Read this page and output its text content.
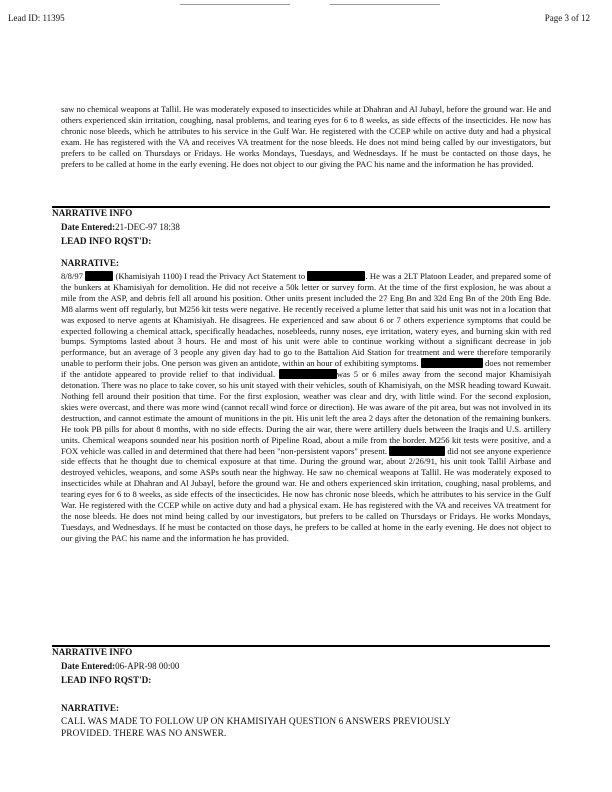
Lead ID: 11395	Page 3 of 12

saw no chemical weapons at Tallil. He was moderately exposed to insecticides while at Dhahran and Al Jubayl, before the ground war. He and others experienced skin irritation, coughing, nasal problems, and tearing eyes for 6 to 8 weeks, as side effects of the insecticides. He now has chronic nose bleeds, which he attributes to his service in the Gulf War. He registered with the CCEP while on active duty and had a physical exam. He has registered with the VA and receives VA treatment for the nose bleeds. He does not mind being called by our investigators, but prefers to be called on Thursdays or Fridays. He works Mondays, Tuesdays, and Wednesdays. If he must be contacted on those days, he prefers to be called at home in the early evening. He does not object to our giving the PAC his name and the information he has provided.

NARRATIVE INFO
Date Entered:21-DEC-97 18:38
LEAD INFO RQST'D:
NARRATIVE:

8/8/97	(Khamisiyah 1100) I read the Privacy Act Statement to	. He was a 2LT Platoon Leader, and prepared some of the bunkers at Khamisiyah for demolition. He did not receive a 50k letter or survey form. At the time of the first explosion, he was about a mile from the ASP, and debris fell all around his position. Other units present included the 27 Eng Bn and 32d Eng Bn of the 20th Eng Bde. M8 alarms went off regularly, but M256 kit tests were negative. He recently received a plume letter that said his unit was not in a location that was exposed to nerve agents at Khamisiyah. He disagrees. He experienced and saw about 6 or 7 others experience symptoms that could be expected following a chemical attack, specifically headaches, nosebleeds, runny noses, eye irritation, watery eyes, and burning skin with red bumps. Symptoms lasted about 3 hours. He and most of his unit were able to continue working without a significant decrease in job performance, but an average of 3 people any given day had to go to the Battalion Aid Station for treatment and were therefore temporarily unable to perform their jobs. One person was given an antidote, within an hour of exhibiting symptoms.	does not remember if the antidote appeared to provide relief to that individual.	was 5 or 6 miles away from the second major Khamisiyah detonation. There was no place to take cover, so his unit stayed with their vehicles, south of Khamisiyah, on the MSR heading toward Kuwait. Nothing fell around their position that time. For the first explosion, weather was clear and dry, with little wind. For the second explosion, skies were overcast, and there was more wind (cannot recall wind force or direction). He was aware of the pit area, but was not involved in its destruction, and cannot estimate the amount of munitions in the pit. His unit left the area 2 days after the detonation of the remaining bunkers. He took PB pills for about 8 months, with no side effects. During the air war, there were artillery duels between the Iraqis and U.S. artillery units. Chemical weapons sounded near his position north of Pipeline Road, about a mile from the border. M256 kit tests were positive, and a FOX vehicle was called in and determined that there had been "non-persistent vapors" present.	did not see anyone experience side effects that he thought due to chemical exposure at that time. During the ground war, about 2/26/91, his unit took Tallil Airbase and destroyed vehicles, weapons, and some ASPs south near the highway. He saw no chemical weapons at Tallil. He was moderately exposed to insecticides while at Dhahran and Al Jubayl, before the ground war. He and others experienced skin irritation, coughing, nasal problems, and tearing eyes for 6 to 8 weeks, as side effects of the insecticides. He now has chronic nose bleeds, which he attributes to his service in the Gulf War. He registered with the CCEP while on active duty and had a physical exam. He has registered with the VA and receives VA treatment for the nose bleeds. He does not mind being called by our investigators, but prefers to be called on Thursdays or Fridays. He works Mondays, Tuesdays, and Wednesdays. If he must be contacted on those days, he prefers to be called at home in the early evening. He does not object to our giving the PAC his name and the information he has provided.

NARRATIVE INFO
Date Entered:06-APR-98 00:00
LEAD INFO RQST'D:
NARRATIVE:
CALL WAS MADE TO FOLLOW UP ON KHAMISIYAH QUESTION 6 ANSWERS PREVIOUSLY PROVIDED. THERE WAS NO ANSWER.
